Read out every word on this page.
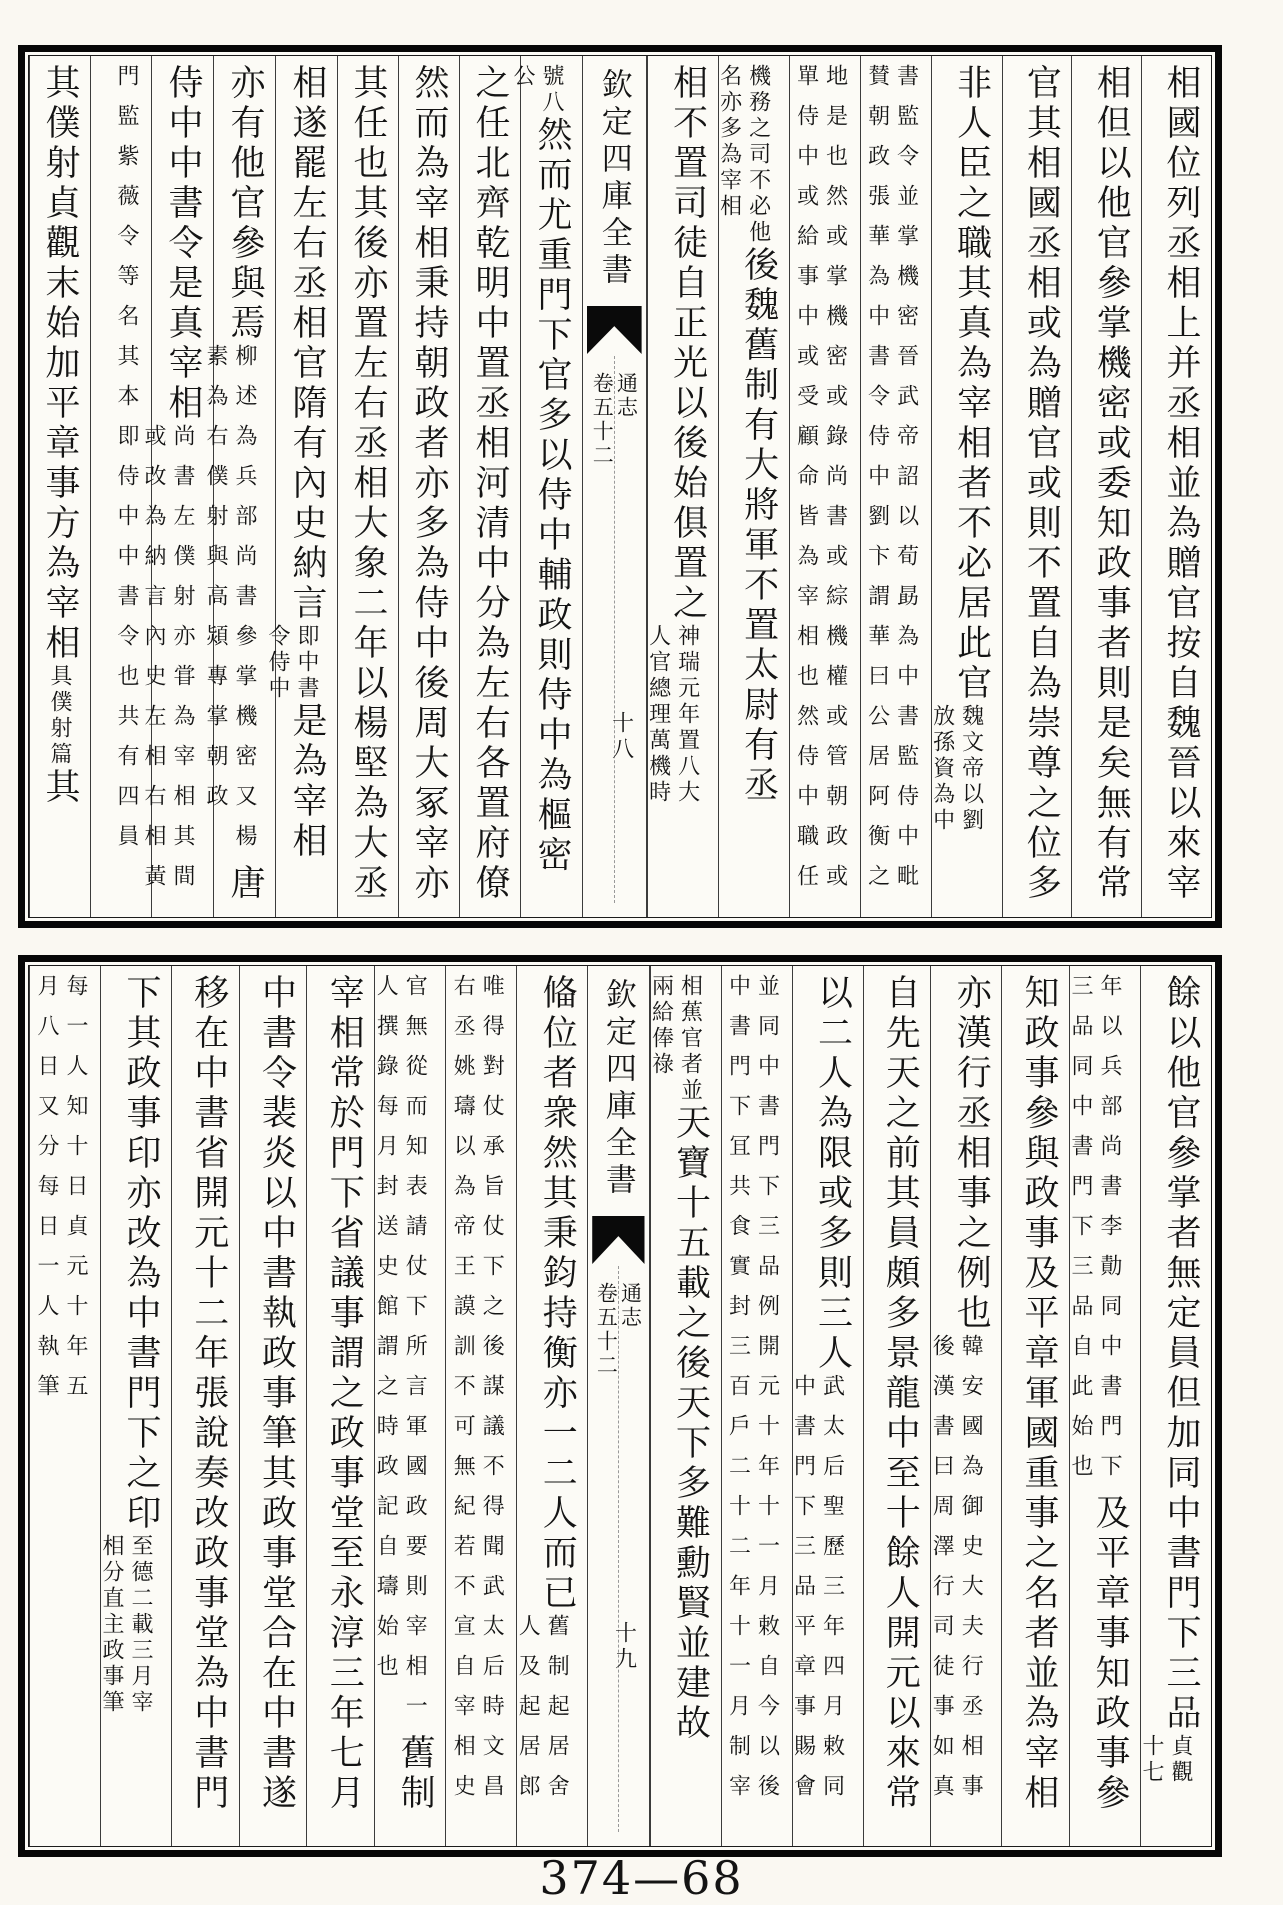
相國位列丞相上并丞相並為贈官按自魏晉以來宰
相但以他官參掌機密或委知政事者則是矣無有常
官其相國丞相或為贈官或則不置自為崇尊之位多
非人臣之職其真為宰相者不必居此官
魏文帝以劉
放孫資為中
書監令並掌機密晉武帝詔以荀勗為中書監侍中毗
賛朝政張華為中書令侍中劉卞謂華曰公居阿衡之
地是也然或掌機密或錄尚書或綜機權或管朝政或
單侍中或給事中或受顧命皆為宰相也然侍中職任
機務之司不必他
名亦多為宰相
後魏舊制有大將軍不置太尉有丞
相不置司徒自正光以後始俱置之
神瑞元年置八大
人官總理萬機時
欽定四庫全書
通志
卷五十二
十八
號八
公
然而尤重門下官多以侍中輔政則侍中為樞密
之任北齊乾明中置丞相河清中分為左右各置府僚
然而為宰相秉持朝政者亦多為侍中後周大冢宰亦
其任也其後亦置左右丞相大象二年以楊堅為大丞
相遂罷左右丞相官隋有內史納言
即中書
令侍中
是為宰相
亦有他官參與焉
柳述為兵部尚書參掌機密又楊
素為右僕射與高熲專掌朝政
唐
侍中中書令是真宰相
尚書左僕射亦甞為宰相其間
或改為納言內史左相右相黃
門監紫薇令等名其本即侍中中書令也共有四員
其僕射貞觀末始加平章事方為宰相
具僕射篇
其
餘以他官參掌者無定員但加同中書門下三品
貞觀
十七
年以兵部尚書李勣同中書門下
三品同中書門下三品自此始也
及平章事知政事參
知政事參與政事及平章軍國重事之名者並為宰相
亦漢行丞相事之例也
韓安國為御史大夫行丞相事
後漢書曰周澤行司徒事如真
自先天之前其員頗多景龍中至十餘人開元以來常
以二人為限或多則三人
武太后聖歷三年四月敕同
中書門下三品平章事賜會
並同中書門下三品例開元十年十一月敕自今以後
中書門下冝共食實封三百戶二十二年十一月制宰
相蕉官者並
兩給俸祿
天寶十五載之後天下多難勳賢並建故
欽定四庫全書
通志
卷五十二
十九
偹位者衆然其秉鈞持衡亦一二人而已
舊制起居舍
人及起居郎
唯得對仗承旨仗下之後謀議不得聞武太后時文昌
右丞姚璹以為帝王謨訓不可無紀若不宣自宰相史
官無從而知表請仗下所言軍國政要則宰相一
人撰錄每月封送史館謂之時政記自璹始也
舊制
宰相常於門下省議事謂之政事堂至永淳三年七月
中書令裴炎以中書執政事筆其政事堂合在中書遂
移在中書省開元十二年張說奏改政事堂為中書門
下其政事印亦改為中書門下之印
至德二載三月宰
相分直主政事筆
每一人知十日貞元十年五
月八日又分每日一人執筆
374—68
